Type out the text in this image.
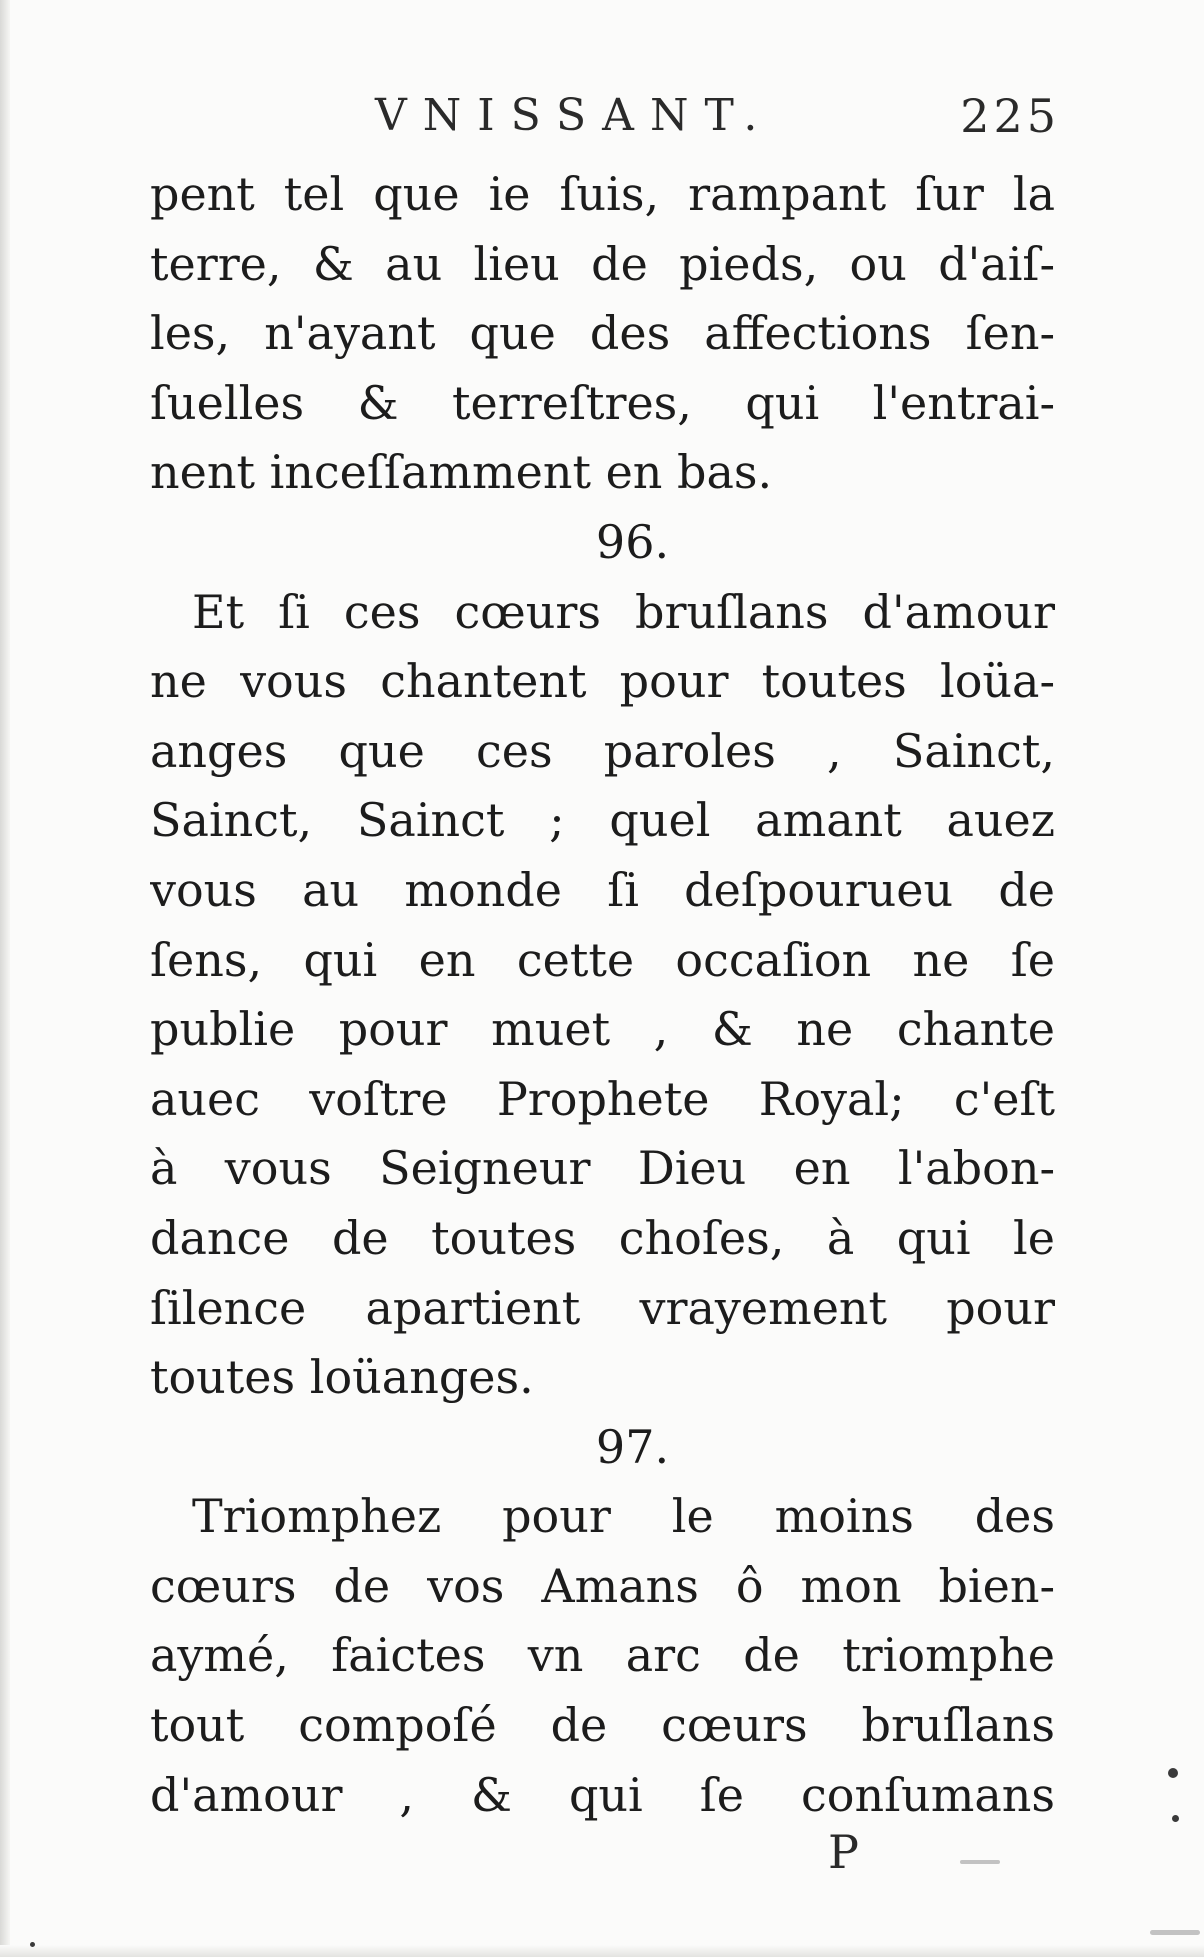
VNISSANT.	225
pent tel que ie ſuis, rampant ſur la
terre, & au lieu de pieds, ou d'aiſ-
les, n'ayant que des affections ſen-
ſuelles & terreſtres, qui l'entrai-
nent inceſſamment en bas.
96.
Et ſi ces cœurs bruſlans d'amour
ne vous chantent pour toutes loüa-
anges que ces paroles , Sainct,
Sainct, Sainct ; quel amant auez
vous au monde ſi deſpourueu de
ſens, qui en cette occaſion ne ſe
publie pour muet , & ne chante
auec voſtre Prophete Royal; c'eſt
à vous Seigneur Dieu en l'abon-
dance de toutes choſes, à qui le
ſilence apartient vrayement pour
toutes loüanges.
97.
Triomphez pour le moins des
cœurs de vos Amans ô mon bien-
aymé, faictes vn arc de triomphe
tout compoſé de cœurs bruſlans
d'amour , & qui ſe conſumans
P
